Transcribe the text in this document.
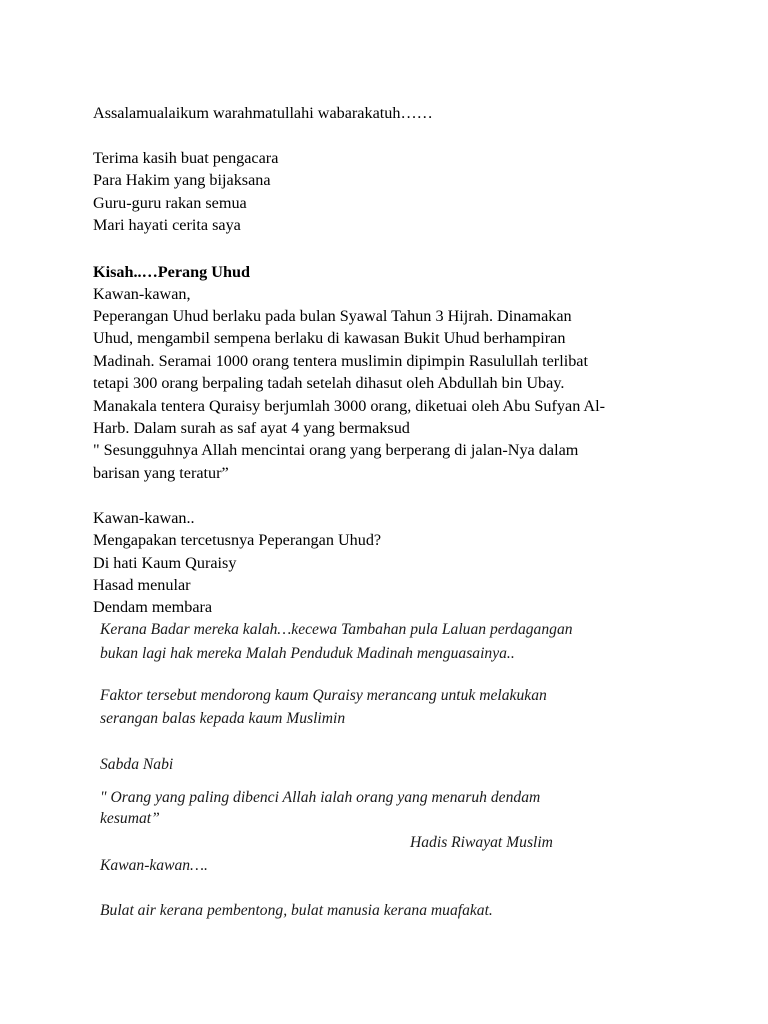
Assalamualaikum warahmatullahi wabarakatuh……
Terima kasih buat pengacara
Para Hakim yang bijaksana
Guru-guru rakan semua
Mari hayati cerita saya
Kisah..…Perang Uhud
Kawan-kawan,
Peperangan Uhud berlaku pada bulan Syawal Tahun 3 Hijrah. Dinamakan
Uhud, mengambil sempena berlaku di kawasan Bukit Uhud berhampiran
Madinah. Seramai 1000 orang tentera muslimin dipimpin Rasulullah terlibat
tetapi 300 orang berpaling tadah setelah dihasut oleh Abdullah bin Ubay.
Manakala tentera Quraisy berjumlah 3000 orang, diketuai oleh Abu Sufyan Al-
Harb. Dalam surah as saf ayat 4 yang bermaksud
" Sesungguhnya Allah mencintai orang yang berperang di jalan-Nya dalam
barisan yang teratur”
Kawan-kawan..
Mengapakan tercetusnya Peperangan Uhud?
Di hati Kaum Quraisy
Hasad menular
Dendam membara
Kerana Badar mereka kalah…kecewa Tambahan pula Laluan perdagangan
bukan lagi hak mereka Malah Penduduk Madinah menguasainya..
Faktor tersebut mendorong kaum Quraisy merancang untuk melakukan
serangan balas kepada kaum Muslimin
Sabda Nabi
" Orang yang paling dibenci Allah ialah orang yang menaruh dendam
kesumat”
Hadis Riwayat Muslim
Kawan-kawan….
Bulat air kerana pembentong, bulat manusia kerana muafakat.
